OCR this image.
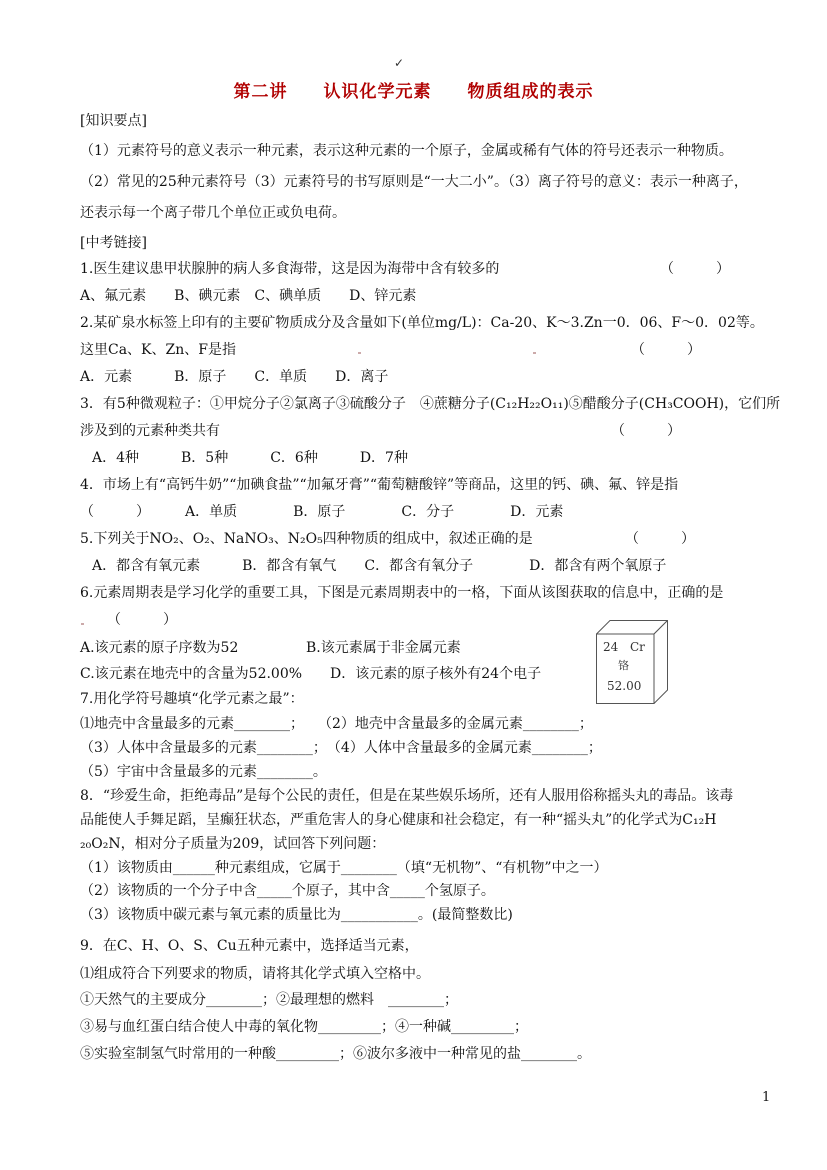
✓
第二讲　　认识化学元素　　物质组成的表示
[知识要点]
（1）元素符号的意义表示一种元素，表示这种元素的一个原子，金属或稀有气体的符号还表示一种物质。
（2）常见的25种元素符号（3）元素符号的书写原则是“一大二小”。（3）离子符号的意义：表示一种离子，
还表示每一个离子带几个单位正或负电荷。
[中考链接]
1.医生建议患甲状腺肿的病人多食海带，这是因为海带中含有较多的	（　　　）
A、氟元素　　B、碘元素　C、碘单质　　D、锌元素
2.某矿泉水标签上印有的主要矿物质成分及含量如下(单位mg/L)：Ca-20、K～3.Zn一0．06、F～0．02等。
这里Ca、K、Zn、F是指	（　　　）
A．元素　　　B．原子　　C．单质　　D．离子
3．有5种微观粒子：①甲烷分子②氯离子③硫酸分子　④蔗糖分子(C₁₂H₂₂O₁₁)⑤醋酸分子(CH₃COOH)，它们所
涉及到的元素种类共有	（　　　）
A．4种　　　B．5种　　　C．6种　　　D．7种
4．市场上有“高钙牛奶”“加碘食盐”“加氟牙膏”“葡萄糖酸锌”等商品，这里的钙、碘、氟、锌是指
（　　　）　　　A．单质　　　　B．原子　　　　C．分子　　　　D．元素
5.下列关于NO₂、O₂、NaNO₃、N₂O₅四种物质的组成中，叙述正确的是	（　　　）
A．都含有氧元素　　　B．都含有氧气　　C．都含有氧分子　　　　D．都含有两个氧原子
6.元素周期表是学习化学的重要工具，下图是元素周期表中的一格，下面从该图获取的信息中，正确的是
（　　　）
A.该元素的原子序数为52	B.该元素属于非金属元素
C.该元素在地壳中的含量为52.00%　　D．该元素的原子核外有24个电子
24 Cr
铬
52.00
7.用化学符号趣填“化学元素之最”：
⑴地壳中含量最多的元素________；　　（2）地壳中含量最多的金属元素________；
（3）人体中含量最多的元素________；　（4）人体中含量最多的金属元素________；
（5）宇宙中含量最多的元素________。
8．“珍爱生命，拒绝毒品”是每个公民的责任，但是在某些娱乐场所，还有人服用俗称摇头丸的毒品。该毒
品能使人手舞足蹈，呈癫狂状态，严重危害人的身心健康和社会稳定，有一种“摇头丸”的化学式为C₁₂H
₂₀O₂N，相对分子质量为209，试回答下列问题：
（1）该物质由______种元素组成，它属于________（填“无机物”、“有机物”中之一）
（2）该物质的一个分子中含_____个原子，其中含_____个氢原子。
（3）该物质中碳元素与氧元素的质量比为___________。(最简整数比)
9．在C、H、O、S、Cu五种元素中，选择适当元素，
⑴组成符合下列要求的物质，请将其化学式填入空格中。
①天然气的主要成分________；②最理想的燃料　________；
③易与血红蛋白结合使人中毒的氧化物_________；④一种碱_________；
⑤实验室制氢气时常用的一种酸_________；⑥波尔多液中一种常见的盐________。
1
